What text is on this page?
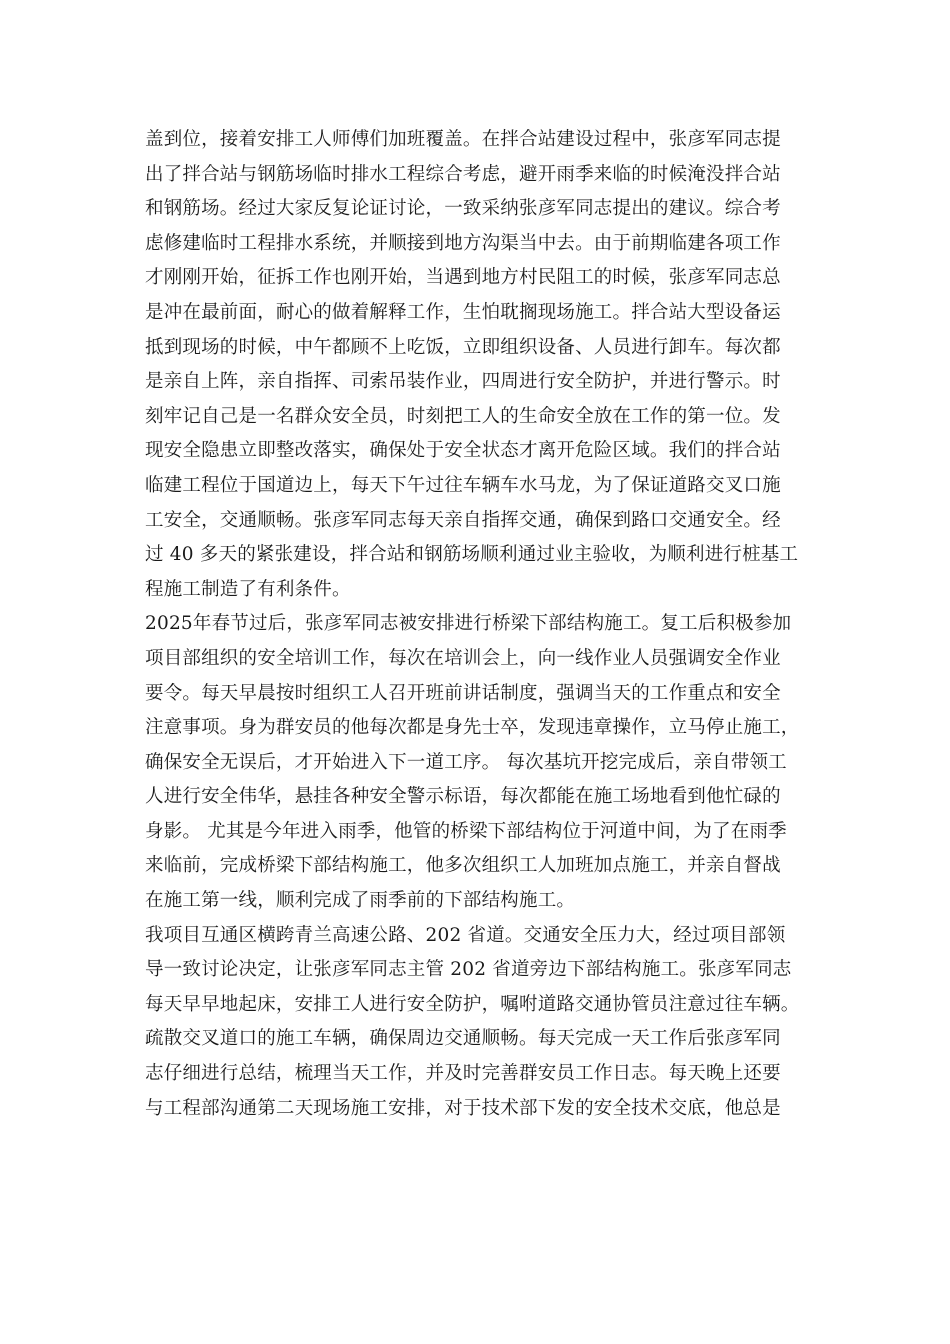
盖到位，接着安排工人师傅们加班覆盖。在拌合站建设过程中，张彦军同志提
出了拌合站与钢筋场临时排水工程综合考虑，避开雨季来临的时候淹没拌合站
和钢筋场。经过大家反复论证讨论，一致采纳张彦军同志提出的建议。综合考
虑修建临时工程排水系统，并顺接到地方沟渠当中去。由于前期临建各项工作
才刚刚开始，征拆工作也刚开始，当遇到地方村民阻工的时候，张彦军同志总
是冲在最前面，耐心的做着解释工作，生怕耽搁现场施工。拌合站大型设备运
抵到现场的时候，中午都顾不上吃饭，立即组织设备、人员进行卸车。每次都
是亲自上阵，亲自指挥、司索吊装作业，四周进行安全防护，并进行警示。时
刻牢记自己是一名群众安全员，时刻把工人的生命安全放在工作的第一位。发
现安全隐患立即整改落实，确保处于安全状态才离开危险区域。我们的拌合站
临建工程位于国道边上，每天下午过往车辆车水马龙，为了保证道路交叉口施
工安全，交通顺畅。张彦军同志每天亲自指挥交通，确保到路口交通安全。经
过 40 多天的紧张建设，拌合站和钢筋场顺利通过业主验收，为顺利进行桩基工
程施工制造了有利条件。
2025年春节过后，张彦军同志被安排进行桥梁下部结构施工。复工后积极参加
项目部组织的安全培训工作，每次在培训会上，向一线作业人员强调安全作业
要令。每天早晨按时组织工人召开班前讲话制度，强调当天的工作重点和安全
注意事项。身为群安员的他每次都是身先士卒，发现违章操作，立马停止施工，
确保安全无误后，才开始进入下一道工序。 每次基坑开挖完成后，亲自带领工
人进行安全伟华，悬挂各种安全警示标语，每次都能在施工场地看到他忙碌的
身影。 尤其是今年进入雨季，他管的桥梁下部结构位于河道中间，为了在雨季
来临前，完成桥梁下部结构施工，他多次组织工人加班加点施工，并亲自督战
在施工第一线，顺利完成了雨季前的下部结构施工。
我项目互通区横跨青兰高速公路、202 省道。交通安全压力大，经过项目部领
导一致讨论决定，让张彦军同志主管 202 省道旁边下部结构施工。张彦军同志
每天早早地起床，安排工人进行安全防护，嘱咐道路交通协管员注意过往车辆。
疏散交叉道口的施工车辆，确保周边交通顺畅。每天完成一天工作后张彦军同
志仔细进行总结，梳理当天工作，并及时完善群安员工作日志。每天晚上还要
与工程部沟通第二天现场施工安排，对于技术部下发的安全技术交底，他总是
